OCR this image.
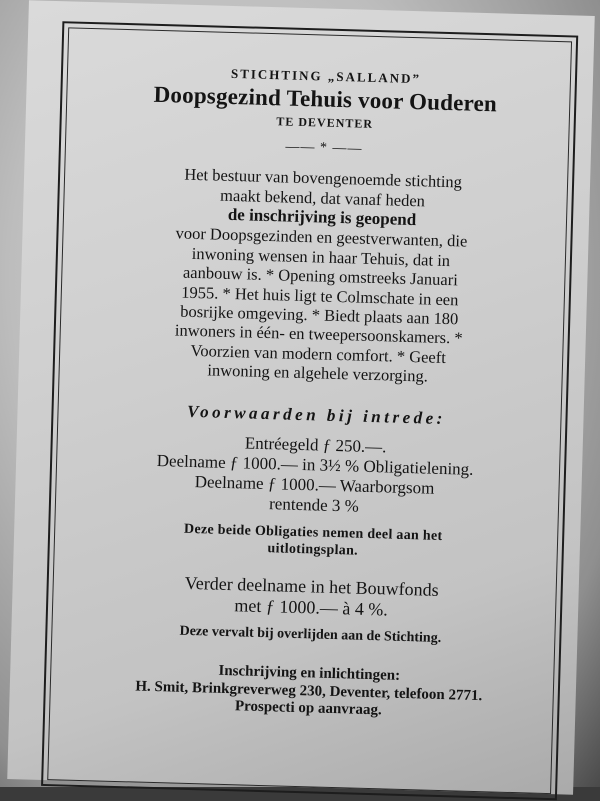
STICHTING „SALLAND”
Doopsgezind Tehuis voor Ouderen
TE DEVENTER
—— * ——
Het bestuur van bovengenoemde stichting
maakt bekend, dat vanaf heden
de inschrijving is geopend
voor Doopsgezinden en geestverwanten, die
inwoning wensen in haar Tehuis, dat in
aanbouw is. * Opening omstreeks Januari
1955. * Het huis ligt te Colmschate in een
bosrijke omgeving. * Biedt plaats aan 180
inwoners in één- en tweepersoonskamers. *
Voorzien van modern comfort. * Geeft
inwoning en algehele verzorging.
Voorwaarden bij intrede:
Entréegeld ƒ 250.—.
Deelname ƒ 1000.— in 3½ % Obligatielening.
Deelname ƒ 1000.— Waarborgsom
rentende 3 %
Deze beide Obligaties nemen deel aan het
uitlotingsplan.
Verder deelname in het Bouwfonds
met ƒ 1000.— à 4 %.
Deze vervalt bij overlijden aan de Stichting.
Inschrijving en inlichtingen:
H. Smit, Brinkgreverweg 230, Deventer, telefoon 2771.
Prospecti op aanvraag.
